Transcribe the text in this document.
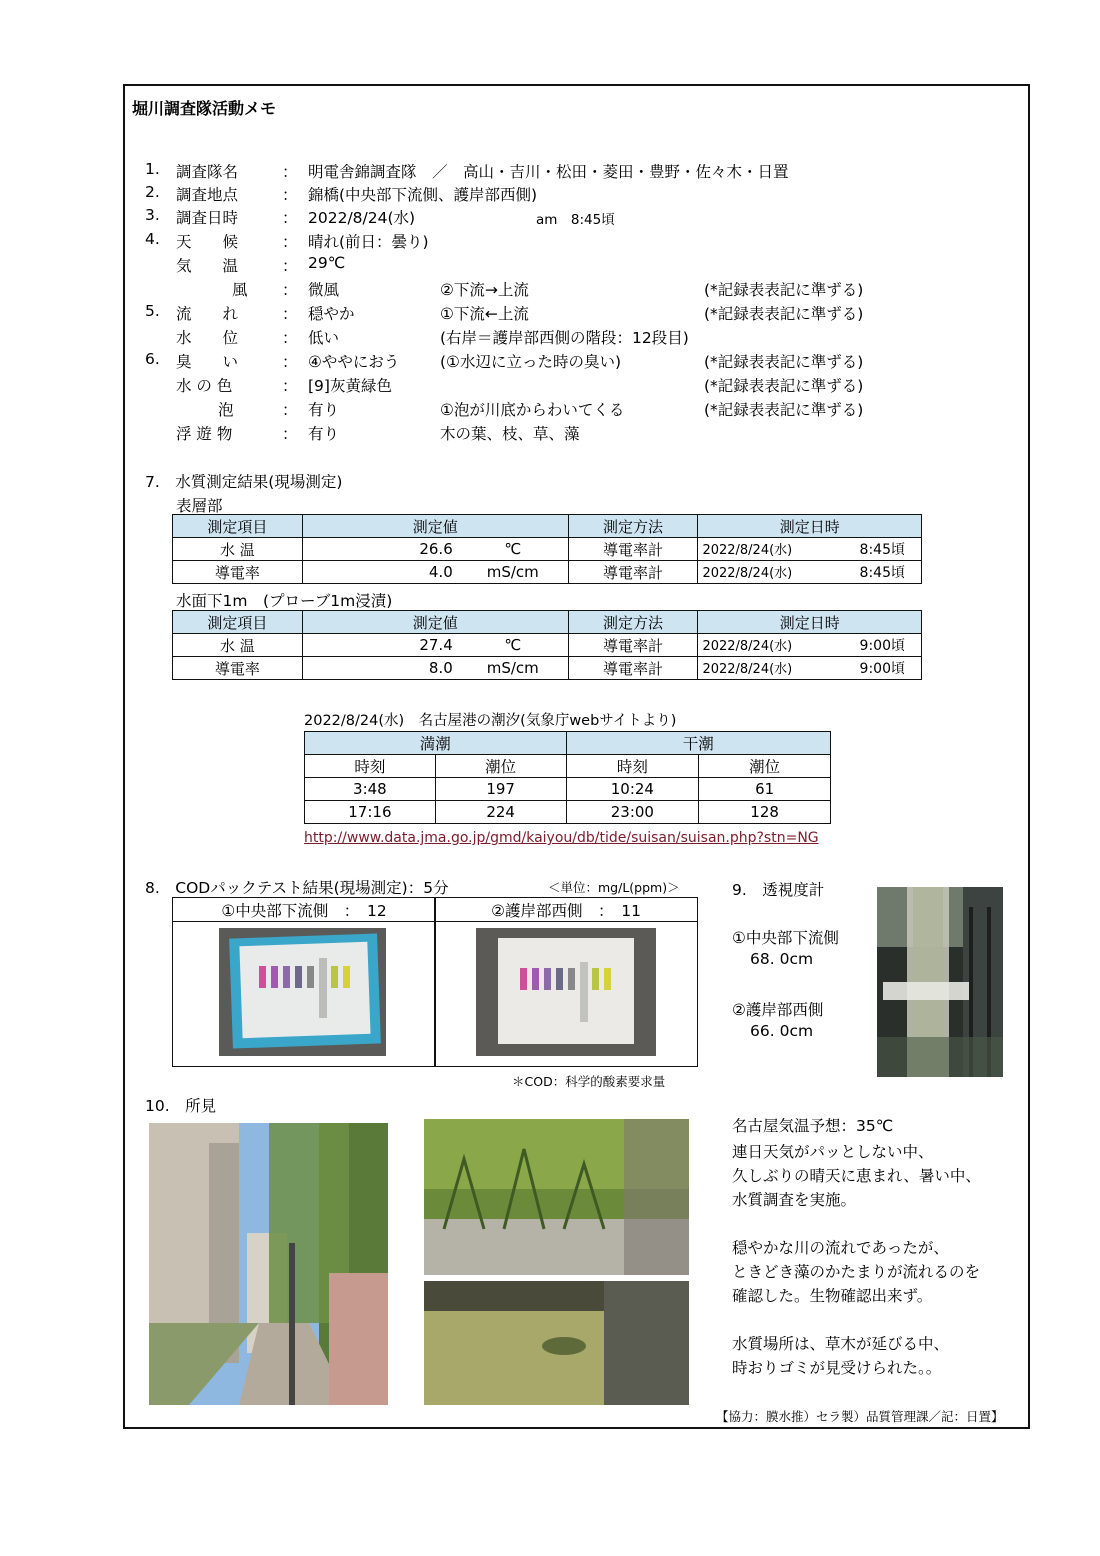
堀川調査隊活動メモ
1. 調査隊名	： 明電舎錦調査隊　／　高山・吉川・松田・菱田・豊野・佐々木・日置
2. 調査地点	： 錦橋(中央部下流側、護岸部西側)
3. 調査日時	： 2022/8/24(水)	am　8:45頃
4. 天　　候	： 晴れ(前日：曇り)
気　　温	： 29℃
風 ： 微風	②下流→上流	(*記録表表記に準ずる)
5. 流　　れ	： 穏やか	①下流←上流	(*記録表表記に準ずる)
水　　位	： 低い	(右岸＝護岸部西側の階段：12段目)
6. 臭　　い	： ④ややにおう	(①水辺に立った時の臭い)	(*記録表表記に準ずる)
水 の 色	： [9]灰黄緑色	(*記録表表記に準ずる)
泡	： 有り	①泡が川底からわいてくる	(*記録表表記に準ずる)
浮 遊 物	： 有り	木の葉、枝、草、藻
7.　水質測定結果(現場測定)
表層部
測定項目	測定値	測定方法	測定日時
水 温	26.6 ℃	導電率計	2022/8/24(水) 8:45頃

導電率	4.0 mS/cm	導電率計	2022/8/24(水) 8:45頃
水面下1m　(プローブ1m浸漬)
測定項目	測定値	測定方法	測定日時
水 温	27.4 ℃	導電率計	2022/8/24(水) 9:00頃

導電率	8.0 mS/cm	導電率計	2022/8/24(水) 9:00頃
2022/8/24(水)　名古屋港の潮汐(気象庁webサイトより)
満潮		干潮	
時刻	潮位	時刻	潮位
3:48	197	10:24	61
17:16	224	23:00	128
http://www.data.jma.go.jp/gmd/kaiyou/db/tide/suisan/suisan.php?stn=NG
8.　CODパックテスト結果(現場測定)：5分	＜単位：mg/L(ppm)＞
①中央部下流側　：　12	②護岸部西側　：　11
＊COD：科学的酸素要求量
9.　透視度計
①中央部下流側
68. 0cm
②護岸部西側
66. 0cm
10.　所見
名古屋気温予想：35℃
連日天気がパッとしない中、
久しぶりの晴天に恵まれ、暑い中、
水質調査を実施。
穏やかな川の流れであったが、
ときどき藻のかたまりが流れるのを
確認した。生物確認出来ず。
水質場所は、草木が延びる中、
時おりゴミが見受けられた。。
【協力：膜水推）セラ製）品質管理課／記：日置】
